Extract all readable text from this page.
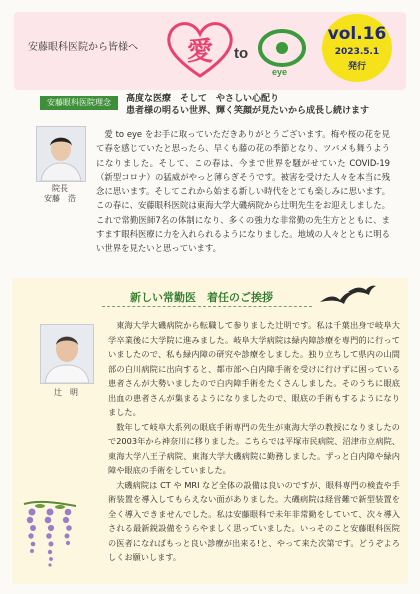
安藤眼科医院から皆様へ 愛 to
eye
vol.16
2023.5.1
発行
安藤眼科医院理念	高度な医療　そして　やさしい心配り
患者様の明るい世界、輝く笑顔が見たいから成長し続けます
院長
安藤　浩

愛 to eye をお手に取っていただきありがとうございます。梅や桜の花を見て春を感じていたと思ったら、早くも藤の花の季節となり、ツバメも舞うようになりました。そして、この春は、今まで世界を騒がせていた COVID-19（新型コロナ）の猛威がやっと薄らぎそうです。被害を受けた人々を本当に残念に思います。そしてこれから始まる新しい時代をとても楽しみに思います。この春に、安藤眼科医院は東海大学大磯病院から辻明先生をお迎えしました。これで常勤医師7名の体制になり、多くの強力な非常勤の先生方とともに、ますます眼科医療に力を入れられるようになりました。地域の人々とともに明るい世界を見たいと思っています。

新しい常勤医　着任のご挨拶
辻　明

東海大学大磯病院から転職して参りました辻明です。私は千葉出身で岐阜大学卒業後に大学院に進みました。岐阜大学病院は緑内障診療を専門的に行っていましたので、私も緑内障の研究や診療をしました。独り立ちして県内の山間部の白川病院に出向すると、都市部へ白内障手術を受けに行けずに困っている患者さんが大勢いましたので白内障手術をたくさんしました。そのうちに眼底出血の患者さんが集まるようになりましたので、眼底の手術もするようになりました。

数年して岐阜大系列の眼底手術専門の先生が東海大学の教授になりましたので2003年から神奈川に移りました。こちらでは平塚市民病院、沼津市立病院、東海大学八王子病院、東海大学大磯病院に勤務しました。ずっと白内障や緑内障や眼底の手術をしていました。

大磯病院は CT や MRI など全体の設備は良いのですが、眼科専門の検査や手術装置を導入してもらえない面がありました。大磯病院は経営難で新型装置を全く導入できませんでした。私は安藤眼科で未年非常勤をしていて、次々導入される最新鋭設備をうらやましく思っていました。いっそのこと安藤眼科医院の医者になればもっと良い診療が出来る!と、やって来た次第です。どうぞよろしくお願いします。
